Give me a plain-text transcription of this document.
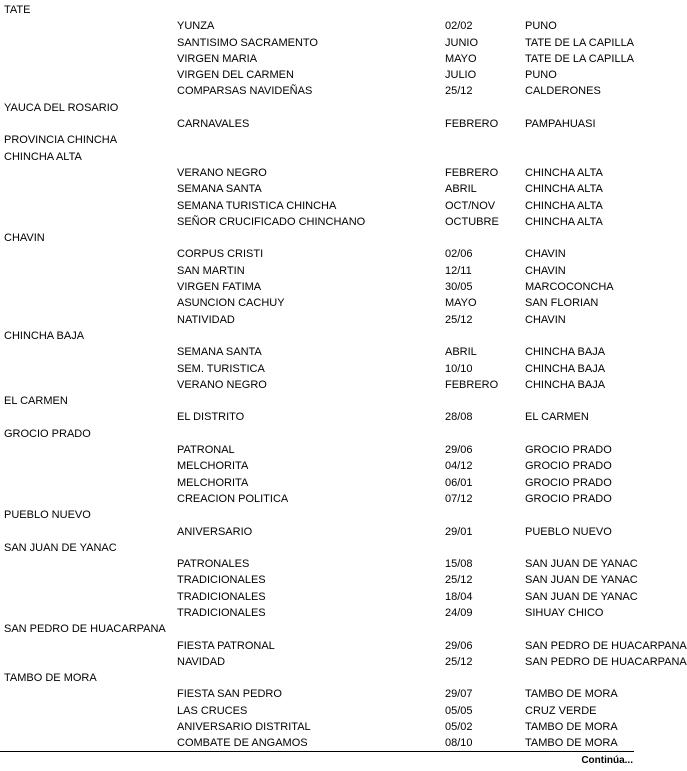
TATE
YUNZA	02/02	PUNO
SANTISIMO SACRAMENTO	JUNIO	TATE DE LA CAPILLA
VIRGEN MARIA	MAYO	TATE DE LA CAPILLA
VIRGEN DEL CARMEN	JULIO	PUNO
COMPARSAS NAVIDEÑAS	25/12	CALDERONES
YAUCA DEL ROSARIO
CARNAVALES	FEBRERO	PAMPAHUASI
PROVINCIA CHINCHA
CHINCHA ALTA
VERANO NEGRO	FEBRERO	CHINCHA ALTA
SEMANA SANTA	ABRIL	CHINCHA ALTA
SEMANA TURISTICA CHINCHA	OCT/NOV	CHINCHA ALTA
SEÑOR CRUCIFICADO CHINCHANO	OCTUBRE	CHINCHA ALTA
CHAVIN
CORPUS CRISTI	02/06	CHAVIN
SAN MARTIN	12/11	CHAVIN
VIRGEN FATIMA	30/05	MARCOCONCHA
ASUNCION CACHUY	MAYO	SAN FLORIAN
NATIVIDAD	25/12	CHAVIN
CHINCHA BAJA
SEMANA SANTA	ABRIL	CHINCHA BAJA
SEM. TURISTICA	10/10	CHINCHA BAJA
VERANO NEGRO	FEBRERO	CHINCHA BAJA
EL CARMEN
EL DISTRITO	28/08	EL CARMEN
GROCIO PRADO
PATRONAL	29/06	GROCIO PRADO
MELCHORITA	04/12	GROCIO PRADO
MELCHORITA	06/01	GROCIO PRADO
CREACION POLITICA	07/12	GROCIO PRADO
PUEBLO NUEVO
ANIVERSARIO	29/01	PUEBLO NUEVO
SAN JUAN DE YANAC
PATRONALES	15/08	SAN JUAN DE YANAC
TRADICIONALES	25/12	SAN JUAN DE YANAC
TRADICIONALES	18/04	SAN JUAN DE YANAC
TRADICIONALES	24/09	SIHUAY CHICO
SAN PEDRO DE HUACARPANA
FIESTA PATRONAL	29/06	SAN PEDRO DE HUACARPANA
NAVIDAD	25/12	SAN PEDRO DE HUACARPANA
TAMBO DE MORA
FIESTA SAN PEDRO	29/07	TAMBO DE MORA
LAS CRUCES	05/05	CRUZ VERDE
ANIVERSARIO DISTRITAL	05/02	TAMBO DE MORA
COMBATE DE ANGAMOS	08/10	TAMBO DE MORA
Continúa...
